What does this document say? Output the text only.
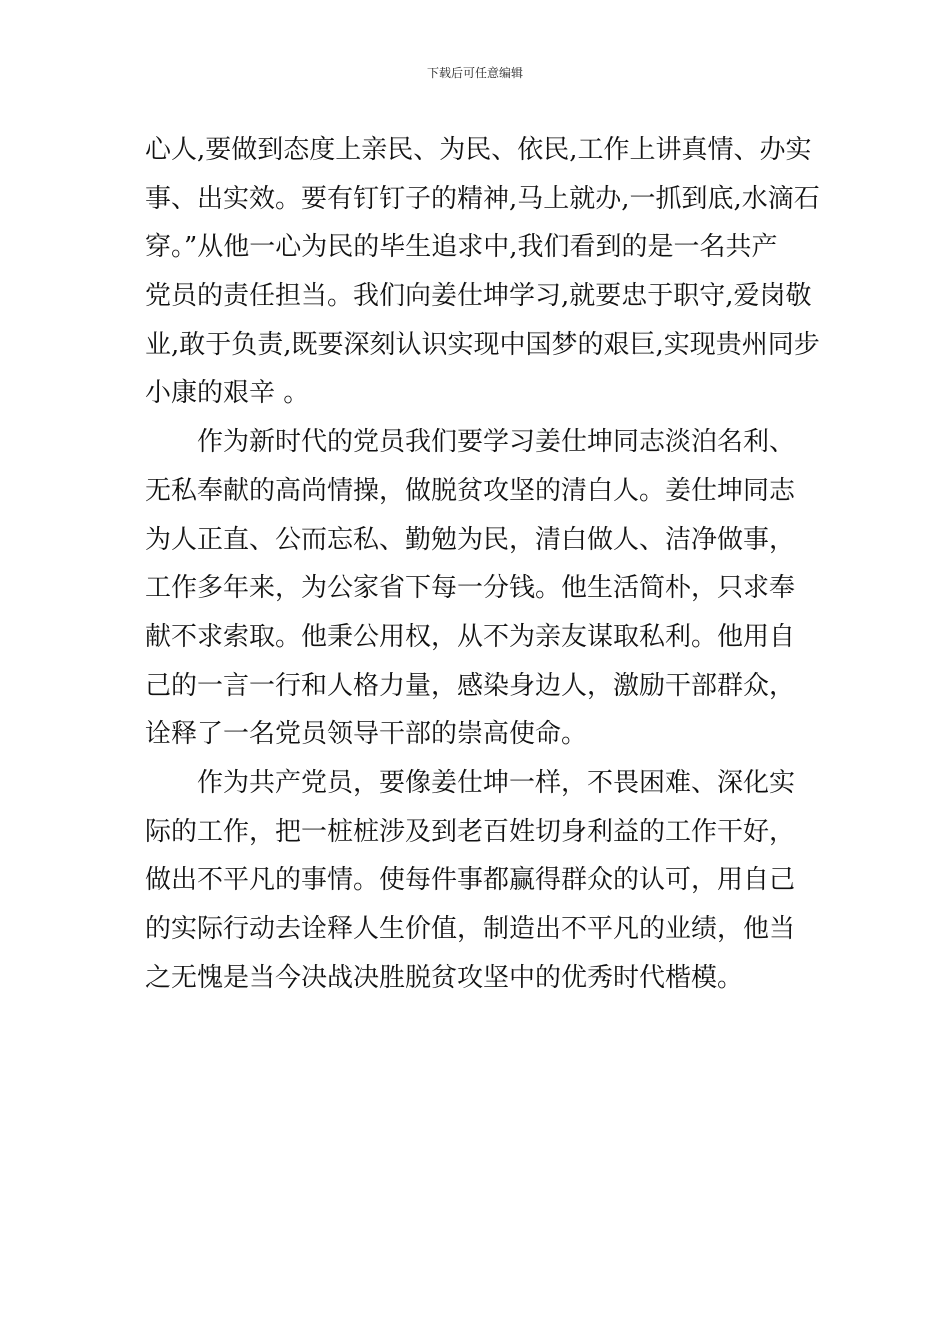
下载后可任意编辑
心人,要做到态度上亲民、为民、依民,工作上讲真情、办实
事、出实效。要有钉钉子的精神,马上就办,一抓到底,水滴石
穿。”从他一心为民的毕生追求中,我们看到的是一名共产
党员的责任担当。我们向姜仕坤学习,就要忠于职守,爱岗敬
业,敢于负责,既要深刻认识实现中国梦的艰巨,实现贵州同步
小康的艰辛 。
作为新时代的党员我们要学习姜仕坤同志淡泊名利、
无私奉献的高尚情操，做脱贫攻坚的清白人。姜仕坤同志
为人正直、公而忘私、勤勉为民，清白做人、洁净做事，
工作多年来，为公家省下每一分钱。他生活简朴，只求奉
献不求索取。他秉公用权，从不为亲友谋取私利。他用自
己的一言一行和人格力量，感染身边人，激励干部群众，
诠释了一名党员领导干部的崇高使命。
作为共产党员，要像姜仕坤一样，不畏困难、深化实
际的工作，把一桩桩涉及到老百姓切身利益的工作干好，
做出不平凡的事情。使每件事都赢得群众的认可，用自己
的实际行动去诠释人生价值，制造出不平凡的业绩，他当
之无愧是当今决战决胜脱贫攻坚中的优秀时代楷模。
